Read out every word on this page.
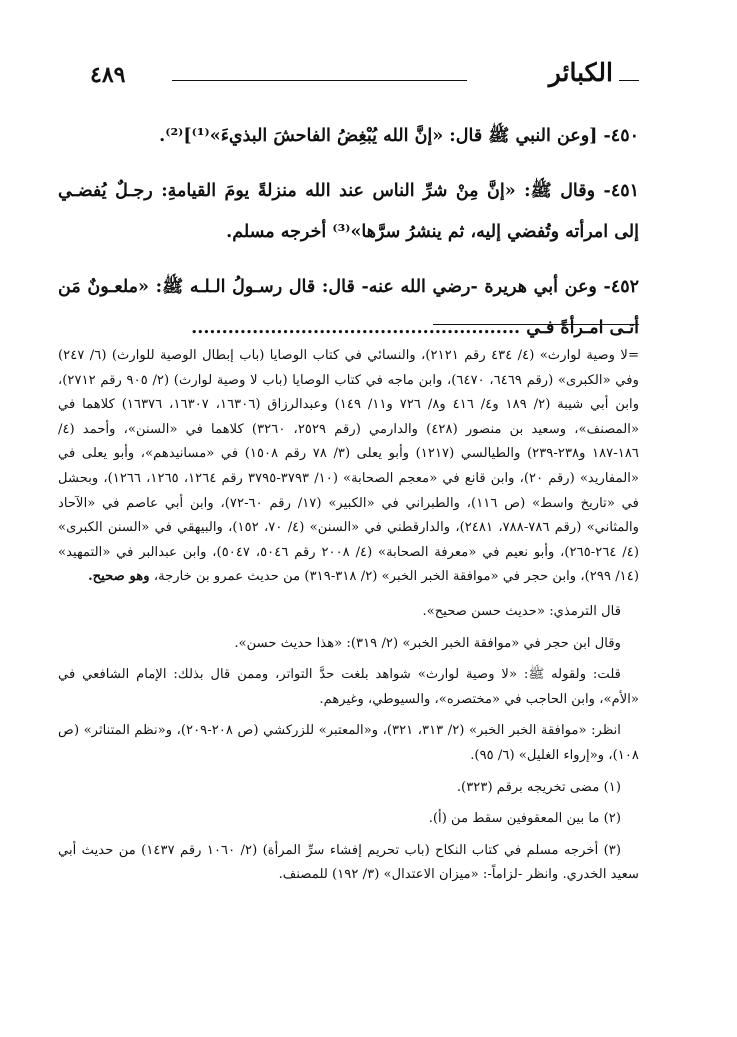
٤٨٩	الكبائر

٤٥٠- [وعن النبي ﷺ قال: «إنَّ الله يُبْغِضُ الفاحشَ البذيءَ»⁽¹⁾]⁽²⁾.

٤٥١- وقال ﷺ: «إنَّ مِنْ شرِّ الناس عند الله منزلةً يومَ القيامةِ: رجـلٌ يُفضـي إلى امرأته وتُفضي إليه، ثم ينشرُ سرَّها»⁽³⁾ أخرجه مسلم.

٤٥٢- وعن أبي هريرة -رضي الله عنه- قال: قال رسـولُ الـلـه ﷺ: «ملعـونٌ مَن أتـى امـرأةً فـي ......................................................

=لا وصية لوارث» (٤/ ٤٣٤ رقم ٢١٢١)، والنسائي في كتاب الوصايا (باب إبطال الوصية للوارث) (٦/ ٢٤٧) وفي «الكبرى» (رقم ٦٤٦٩، ٦٤٧٠)، وابن ماجه في كتاب الوصايا (باب لا وصية لوارث) (٢/ ٩٠٥ رقم ٢٧١٢)، وابن أبي شيبة (٢/ ١٨٩ و٤/ ٤١٦ و٨/ ٧٢٦ و١١/ ١٤٩) وعبدالرزاق (١٦٣٠٦، ١٦٣٠٧، ١٦٣٧٦) كلاهما في «المصنف»، وسعيد بن منصور (٤٢٨) والدارمي (رقم ٢٥٢٩، ٣٢٦٠) كلاهما في «السنن»، وأحمد (٤/ ١٨٦-١٨٧ و٢٣٨-٢٣٩) والطيالسي (١٢١٧) وأبو يعلى (٣/ ٧٨ رقم ١٥٠٨) في «مسانيدهم»، وأبو يعلى في «المفاريد» (رقم ٢٠)، وابن قانع في «معجم الصحابة» (١٠/ ٣٧٩٣-٣٧٩٥ رقم ١٢٦٤، ١٢٦٥، ١٢٦٦)، وبحشل في «تاريخ واسط» (ص ١١٦)، والطبراني في «الكبير» (١٧/ رقم ٦٠-٧٢)، وابن أبي عاصم في «الآحاد والمثاني» (رقم ٧٨٦-٧٨٨، ٢٤٨١)، والدارقطني في «السنن» (٤/ ٧٠، ١٥٢)، والبيهقي في «السنن الكبرى» (٤/ ٢٦٤-٢٦٥)، وأبو نعيم في «معرفة الصحابة» (٤/ ٢٠٠٨ رقم ٥٠٤٦، ٥٠٤٧)، وابن عبدالبر في «التمهيد» (١٤/ ٢٩٩)، وابن حجر في «موافقة الخبر الخبر» (٢/ ٣١٨-٣١٩) من حديث عمرو بن خارجة، وهو صحيح.

قال الترمذي: «حديث حسن صحيح».

وقال ابن حجر في «موافقة الخبر الخبر» (٢/ ٣١٩): «هذا حديث حسن».

قلت: ولقوله ﷺ: «لا وصية لوارث» شواهد بلغت حدَّ التواتر، وممن قال بذلك: الإمام الشافعي في «الأم»، وابن الحاجب في «مختصره»، والسيوطي، وغيرهم.

انظر: «موافقة الخبر الخبر» (٢/ ٣١٣، ٣٢١)، و«المعتبر» للزركشي (ص ٢٠٨-٢٠٩)، و«نظم المتناثر» (ص ١٠٨)، و«إرواء الغليل» (٦/ ٩٥).

(١) مضى تخريجه برقم (٣٢٣).

(٢) ما بين المعقوفين سقط من (أ).

(٣) أخرجه مسلم في كتاب النكاح (باب تحريم إفشاء سرِّ المرأة) (٢/ ١٠٦٠ رقم ١٤٣٧) من حديث أبي سعيد الخدري. وانظر -لزاماً-: «ميزان الاعتدال» (٣/ ١٩٢) للمصنف.
